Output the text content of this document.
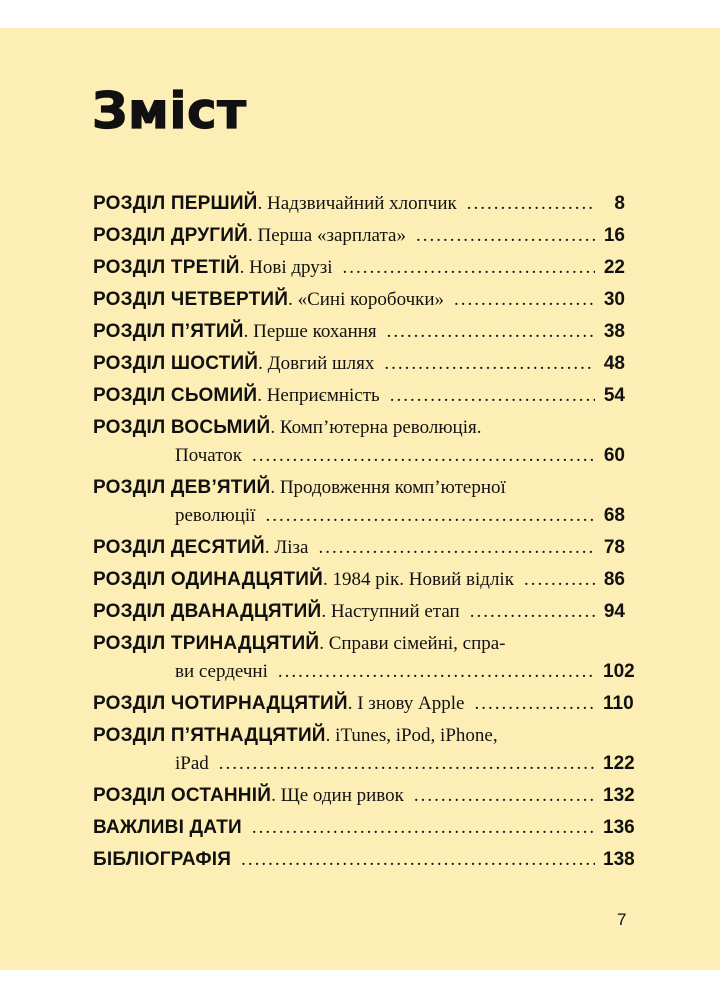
Зміст
РОЗДІЛ ПЕРШИЙ . Надзвичайний хлопчик .....	8
РОЗДІЛ ДРУГИЙ . Перша «зарплата» .....	16
РОЗДІЛ ТРЕТІЙ . Нові друзі .....	22
РОЗДІЛ ЧЕТВЕРТИЙ . «Сині коробочки» .....	30
РОЗДІЛ П’ЯТИЙ . Перше кохання .....	38
РОЗДІЛ ШОСТИЙ . Довгий шлях .....	48
РОЗДІЛ СЬОМИЙ . Неприємність .....	54
РОЗДІЛ ВОСЬМИЙ . Комп’ютерна революція.
Початок .....	60
РОЗДІЛ ДЕВ’ЯТИЙ . Продовження комп’ютерної
революції .....	68
РОЗДІЛ ДЕСЯТИЙ . Ліза .....	78
РОЗДІЛ ОДИНАДЦЯТИЙ . 1984 рік. Новий відлік .....	86
РОЗДІЛ ДВАНАДЦЯТИЙ . Наступний етап .....	94
РОЗДІЛ ТРИНАДЦЯТИЙ . Справи сімейні, спра-
ви сердечні .....	102
РОЗДІЛ ЧОТИРНАДЦЯТИЙ . І знову Apple .....	110
РОЗДІЛ П’ЯТНАДЦЯТИЙ . iTunes, iPod, iPhone,
iPad .....	122
РОЗДІЛ ОСТАННІЙ . Ще один ривок .....	132
ВАЖЛИВІ ДАТИ .....	136
БІБЛІОГРАФІЯ .....	138
7
